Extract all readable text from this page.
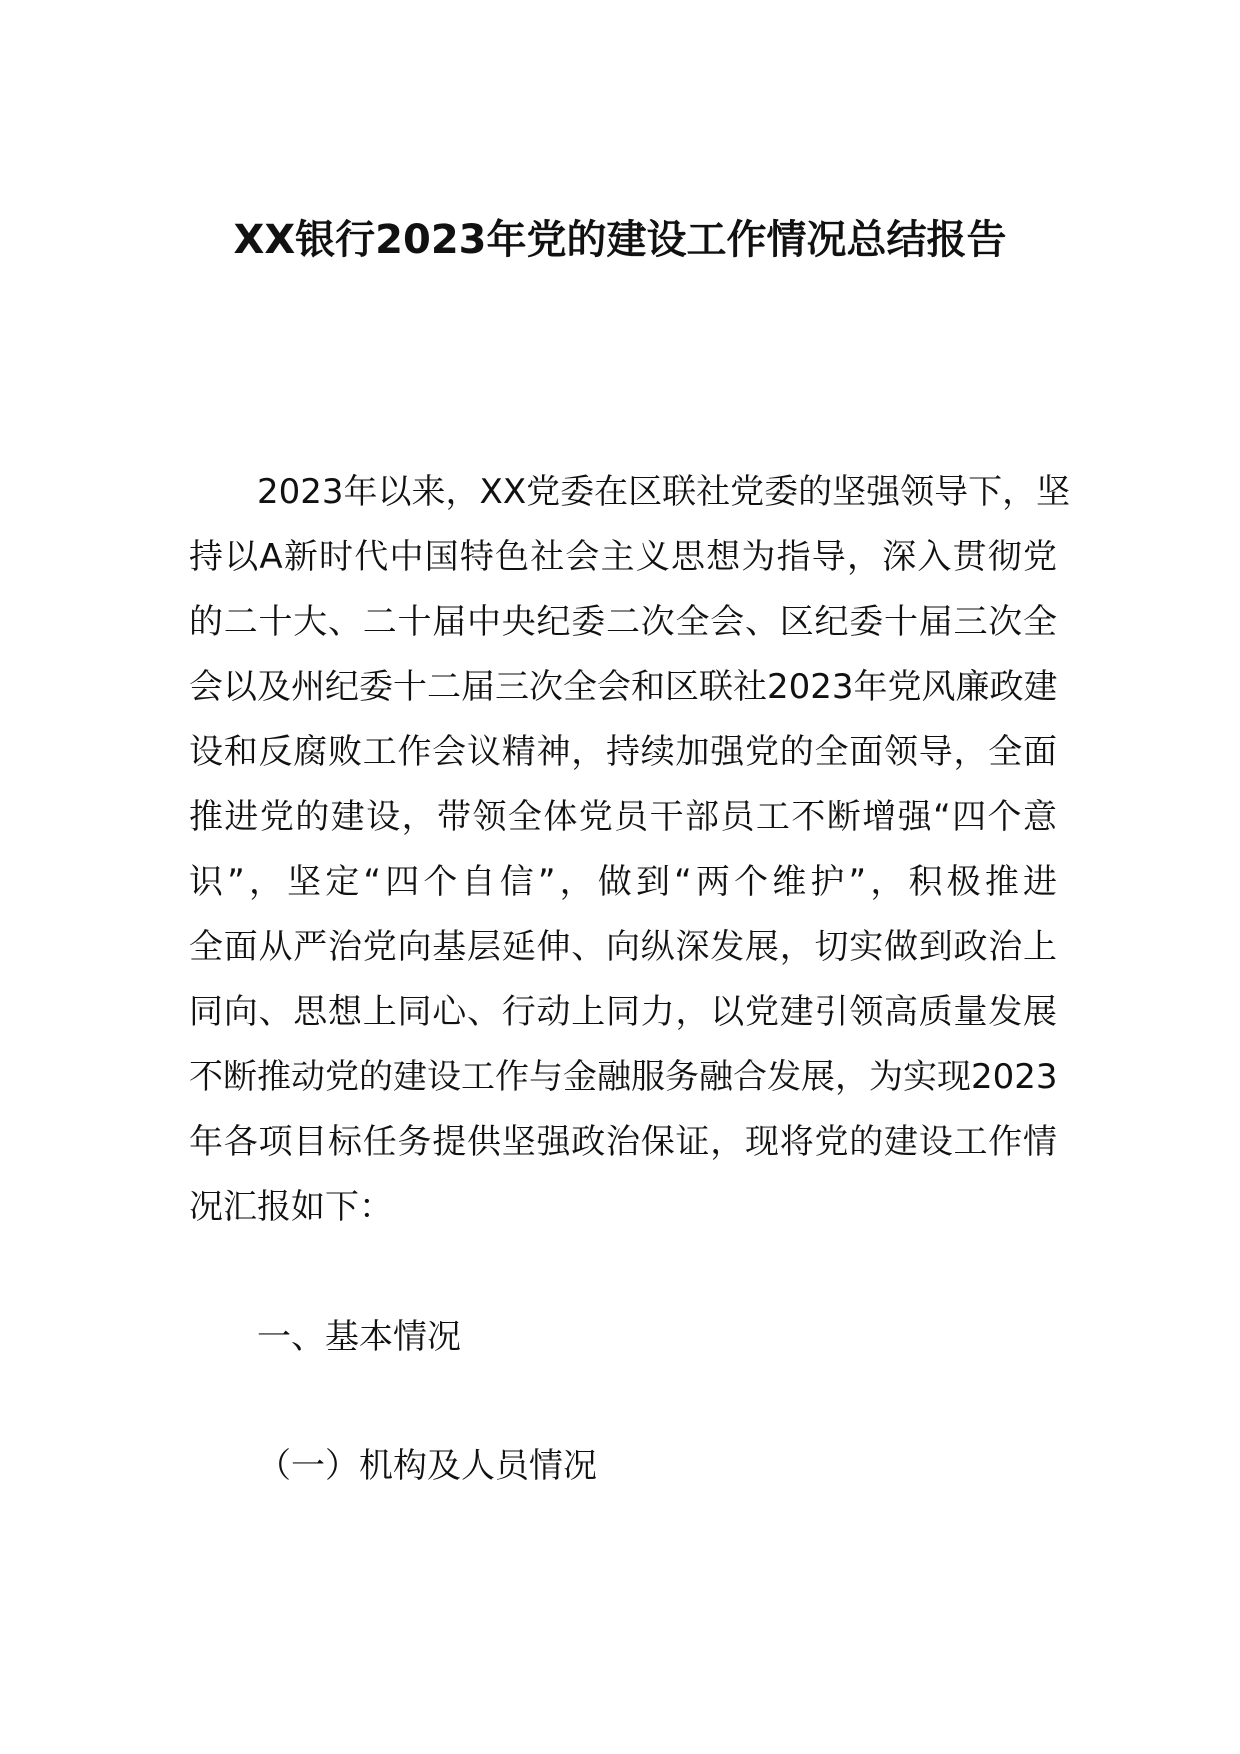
XX银行2023年党的建设工作情况总结报告
2023年以来，XX党委在区联社党委的坚强领导下，坚
持以A新时代中国特色社会主义思想为指导，深入贯彻党
的二十大、二十届中央纪委二次全会、区纪委十届三次全
会以及州纪委十二届三次全会和区联社2023年党风廉政建
设和反腐败工作会议精神，持续加强党的全面领导，全面
推进党的建设，带领全体党员干部员工不断增强“四个意
识”，坚定“四个自信”，做到“两个维护”，积极推进
全面从严治党向基层延伸、向纵深发展，切实做到政治上
同向、思想上同心、行动上同力，以党建引领高质量发展
不断推动党的建设工作与金融服务融合发展，为实现2023
年各项目标任务提供坚强政治保证，现将党的建设工作情
况汇报如下：
一、基本情况
（一）机构及人员情况
